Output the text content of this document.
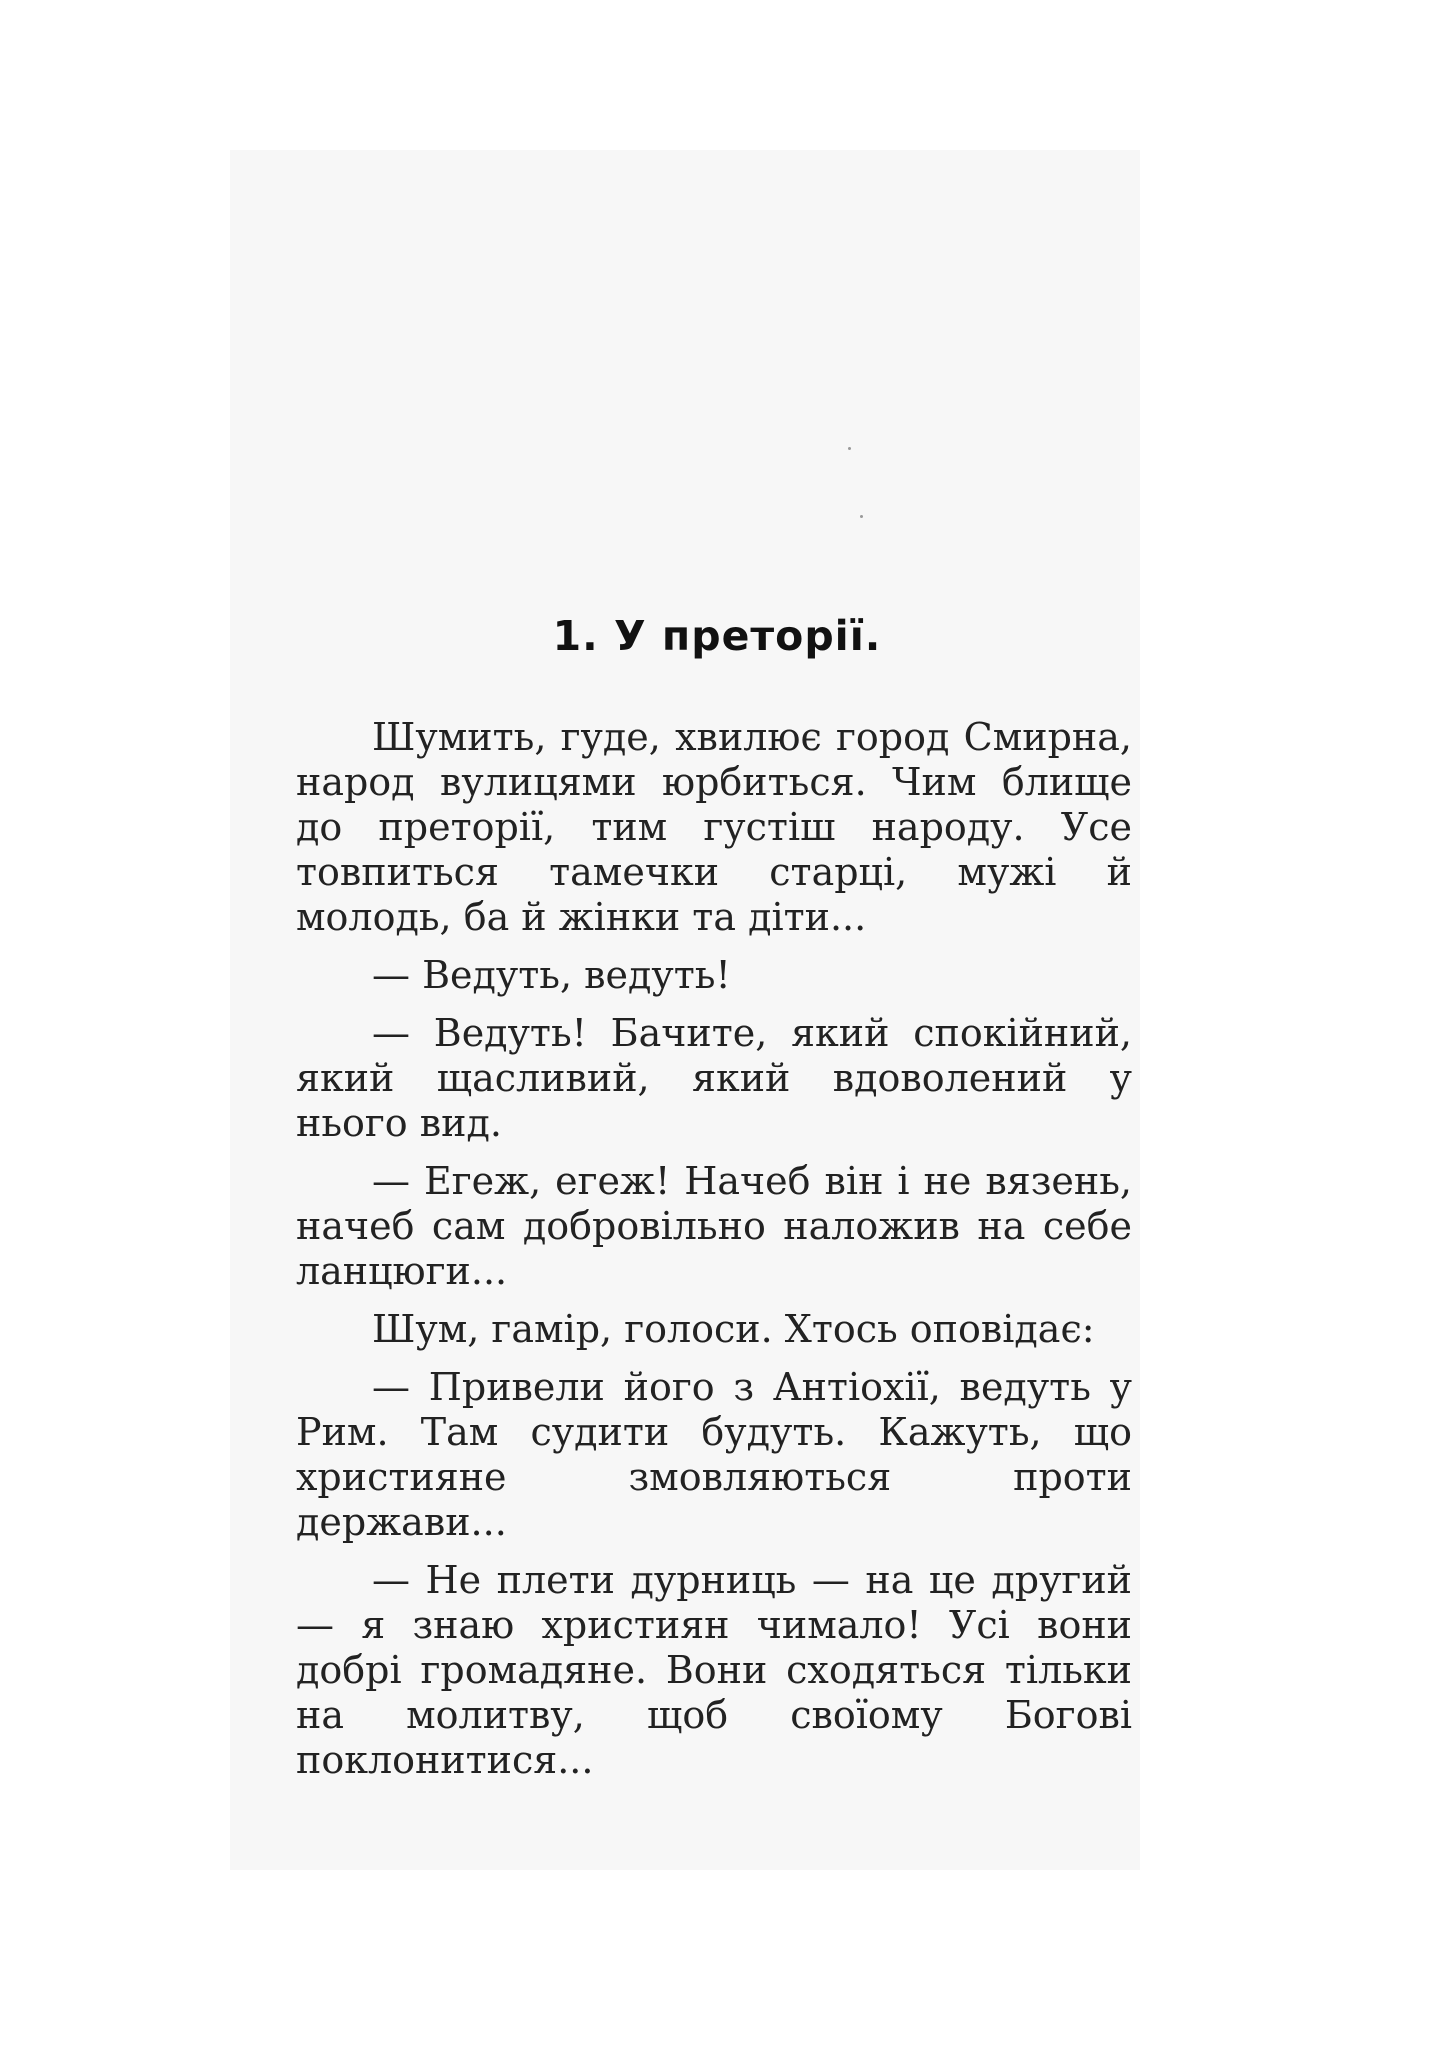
1. У преторії.

Шумить, гуде, хвилює город Смирна, народ вулицями юрбиться. Чим блище до преторії, тим густіш народу. Усе товпиться тамечки старці, мужі й молодь, ба й жінки та діти...

— Ведуть, ведуть!

— Ведуть! Бачите, який спокійний, який щасливий, який вдоволений у нього вид.

— Егеж, егеж! Начеб він і не вязень, начеб сам добровільно наложив на себе ланцюги...

Шум, гамір, голоси. Хтось оповідає:

— Привели його з Антіохії, ведуть у Рим. Там судити будуть. Кажуть, що християне змовляються проти держави...

— Не плети дурниць — на це другий — я знаю християн чимало! Усі вони добрі громадяне. Вони сходяться тільки на молитву, щоб своїому Богові поклонитися...
